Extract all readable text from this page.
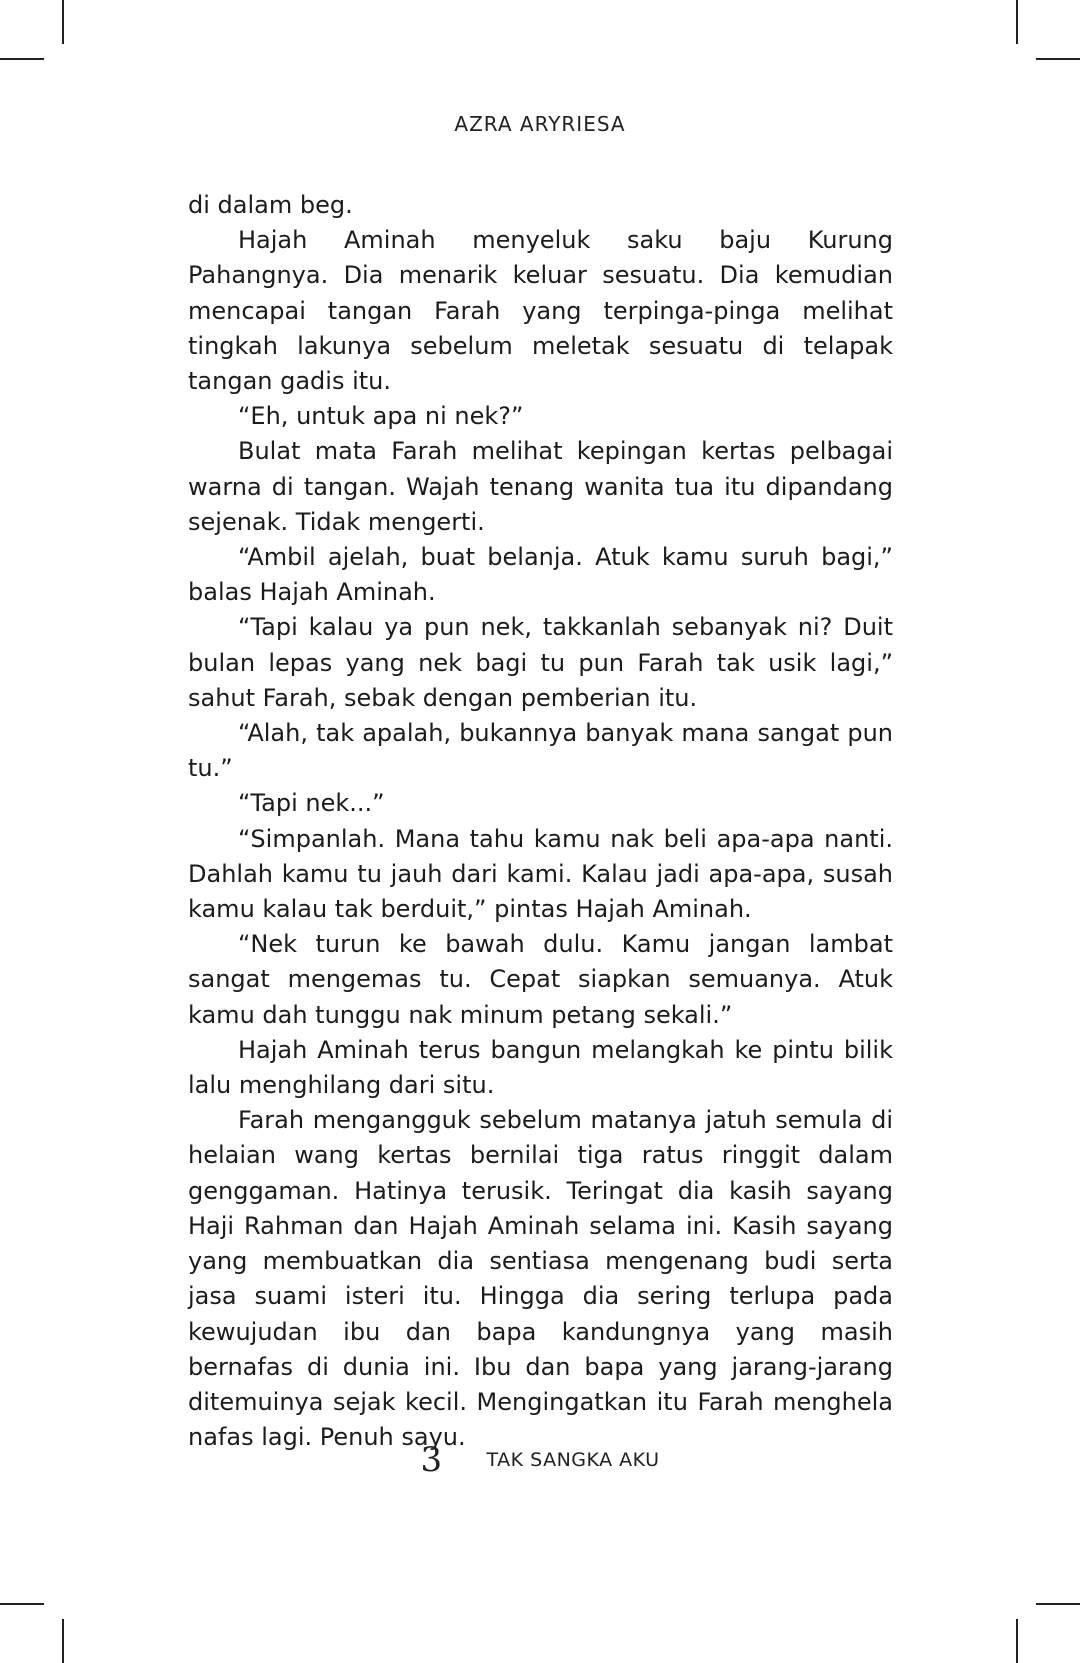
AZRA ARYRIESA

di dalam beg.

Hajah Aminah menyeluk saku baju Kurung Pahangnya. Dia menarik keluar sesuatu. Dia kemudian mencapai tangan Farah yang terpinga-pinga melihat tingkah lakunya sebelum meletak sesuatu di telapak tangan gadis itu.

“Eh, untuk apa ni nek?”

Bulat mata Farah melihat kepingan kertas pelbagai warna di tangan. Wajah tenang wanita tua itu dipandang sejenak. Tidak mengerti.

“Ambil ajelah, buat belanja. Atuk kamu suruh bagi,” balas Hajah Aminah.

“Tapi kalau ya pun nek, takkanlah sebanyak ni? Duit bulan lepas yang nek bagi tu pun Farah tak usik lagi,” sahut Farah, sebak dengan pemberian itu.

“Alah, tak apalah, bukannya banyak mana sangat pun tu.”

“Tapi nek...”

“Simpanlah. Mana tahu kamu nak beli apa-apa nanti. Dahlah kamu tu jauh dari kami. Kalau jadi apa-apa, susah kamu kalau tak berduit,” pintas Hajah Aminah.

“Nek turun ke bawah dulu. Kamu jangan lambat sangat mengemas tu. Cepat siapkan semuanya. Atuk kamu dah tunggu nak minum petang sekali.”

Hajah Aminah terus bangun melangkah ke pintu bilik lalu menghilang dari situ.

Farah mengangguk sebelum matanya jatuh semula di helaian wang kertas bernilai tiga ratus ringgit dalam genggaman. Hatinya terusik. Teringat dia kasih sayang Haji Rahman dan Hajah Aminah selama ini. Kasih sayang yang membuatkan dia sentiasa mengenang budi serta jasa suami isteri itu. Hingga dia sering terlupa pada kewujudan ibu dan bapa kandungnya yang masih bernafas di dunia ini. Ibu dan bapa yang jarang-jarang ditemuinya sejak kecil. Mengingatkan itu Farah menghela nafas lagi. Penuh sayu.

3 TAK SANGKA AKU
